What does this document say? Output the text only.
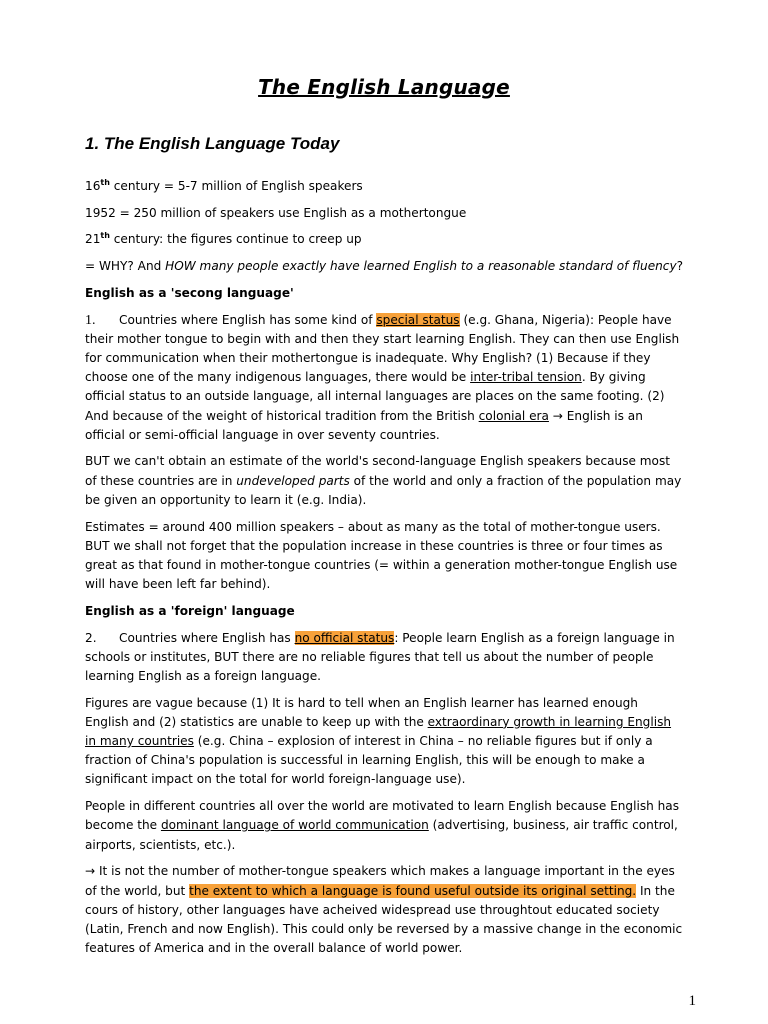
The English Language
1. The English Language Today

16th century = 5-7 million of English speakers

1952 = 250 million of speakers use English as a mothertongue

21th century: the figures continue to creep up

= WHY? And HOW many people exactly have learned English to a reasonable standard of fluency?

English as a 'secong language'

1. Countries where English has some kind of special status (e.g. Ghana, Nigeria): People have their mother tongue to begin with and then they start learning English. They can then use English for communication when their mothertongue is inadequate. Why English? (1) Because if they choose one of the many indigenous languages, there would be inter-tribal tension. By giving official status to an outside language, all internal languages are places on the same footing. (2) And because of the weight of historical tradition from the British colonial era → English is an official or semi-official language in over seventy countries.

BUT we can't obtain an estimate of the world's second-language English speakers because most of these countries are in undeveloped parts of the world and only a fraction of the population may be given an opportunity to learn it (e.g. India).

Estimates = around 400 million speakers – about as many as the total of mother-tongue users. BUT we shall not forget that the population increase in these countries is three or four times as great as that found in mother-tongue countries (= within a generation mother-tongue English use will have been left far behind).

English as a 'foreign' language

2. Countries where English has no official status: People learn English as a foreign language in schools or institutes, BUT there are no reliable figures that tell us about the number of people learning English as a foreign language.

Figures are vague because (1) It is hard to tell when an English learner has learned enough English and (2) statistics are unable to keep up with the extraordinary growth in learning English in many countries (e.g. China – explosion of interest in China – no reliable figures but if only a fraction of China's population is successful in learning English, this will be enough to make a significant impact on the total for world foreign-language use).

People in different countries all over the world are motivated to learn English because English has become the dominant language of world communication (advertising, business, air traffic control, airports, scientists, etc.).

→ It is not the number of mother-tongue speakers which makes a language important in the eyes of the world, but the extent to which a language is found useful outside its original setting. In the cours of history, other languages have acheived widespread use throughtout educated society (Latin, French and now English). This could only be reversed by a massive change in the economic features of America and in the overall balance of world power.

1
